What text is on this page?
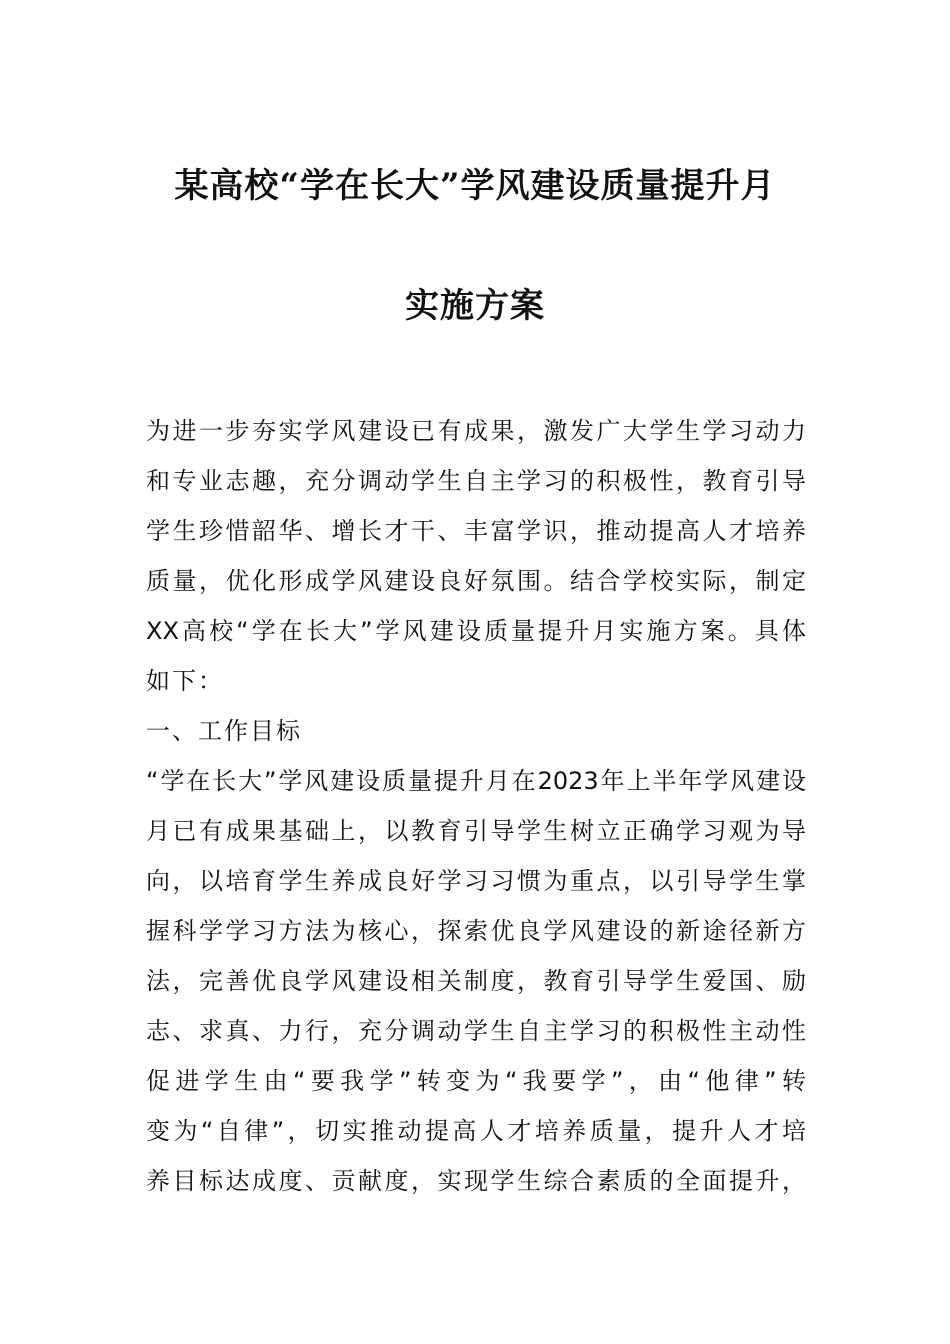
某高校“学在长大”学风建设质量提升月
实施方案
为进一步夯实学风建设已有成果，激发广大学生学习动力
和专业志趣，充分调动学生自主学习的积极性，教育引导
学生珍惜韶华、增长才干、丰富学识，推动提高人才培养
质量，优化形成学风建设良好氛围。结合学校实际，制定
XX高校“学在长大”学风建设质量提升月实施方案。具体
如下：
一、工作目标
“学在长大”学风建设质量提升月在2023年上半年学风建设
月已有成果基础上，以教育引导学生树立正确学习观为导
向，以培育学生养成良好学习习惯为重点，以引导学生掌
握科学学习方法为核心，探索优良学风建设的新途径新方
法，完善优良学风建设相关制度，教育引导学生爱国、励
志、求真、力行，充分调动学生自主学习的积极性主动性
促进学生由“要我学”转变为“我要学”，由“他律”转
变为“自律”，切实推动提高人才培养质量，提升人才培
养目标达成度、贡献度，实现学生综合素质的全面提升，
